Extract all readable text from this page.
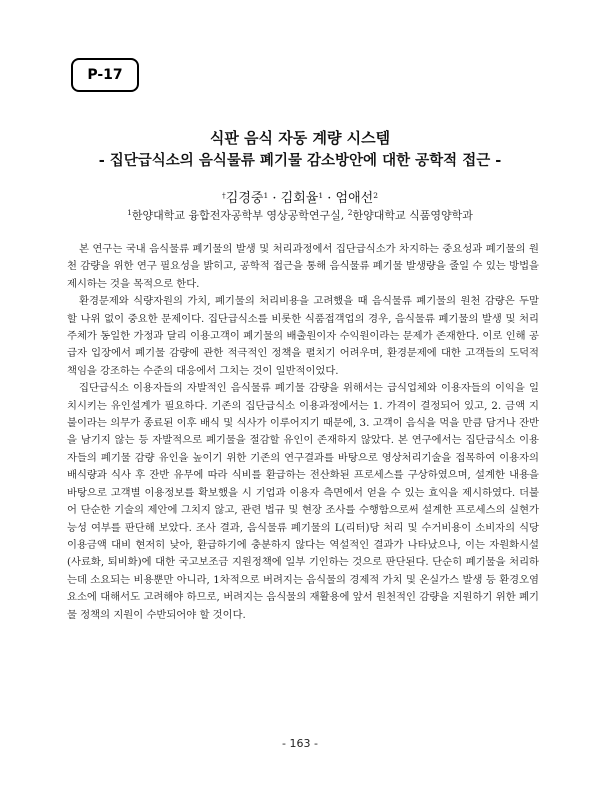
P-17
식판 음식 자동 계량 시스템
- 집단급식소의 음식물류 폐기물 감소방안에 대한 공학적 접근 -
†김경중$^1$ · 김회율$^1$ · 엄애선$^2$
$^1$한양대학교 융합전자공학부 영상공학연구실, $^2$한양대학교 식품영양학과

본 연구는 국내 음식물류 폐기물의 발생 및 처리과정에서 집단급식소가 차지하는 중요성과 폐기물의 원천 감량을 위한 연구 필요성을 밝히고, 공학적 접근을 통해 음식물류 폐기물 발생량을 줄일 수 있는 방법을 제시하는 것을 목적으로 한다.

환경문제와 식량자원의 가치, 폐기물의 처리비용을 고려했을 때 음식물류 폐기물의 원천 감량은 두말 할 나위 없이 중요한 문제이다. 집단급식소를 비롯한 식품접객업의 경우, 음식물류 폐기물의 발생 및 처리주체가 동일한 가정과 달리 이용고객이 폐기물의 배출원이자 수익원이라는 문제가 존재한다. 이로 인해 공급자 입장에서 폐기물 감량에 관한 적극적인 정책을 펼치기 어려우며, 환경문제에 대한 고객들의 도덕적 책임을 강조하는 수준의 대응에서 그치는 것이 일반적이었다.

집단급식소 이용자들의 자발적인 음식물류 폐기물 감량을 위해서는 급식업체와 이용자들의 이익을 일치시키는 유인설계가 필요하다. 기존의 집단급식소 이용과정에서는 1. 가격이 결정되어 있고, 2. 금액 지불이라는 의무가 종료된 이후 배식 및 식사가 이루어지기 때문에, 3. 고객이 음식을 먹을 만큼 담거나 잔반을 남기지 않는 등 자발적으로 폐기물을 절감할 유인이 존재하지 않았다. 본 연구에서는 집단급식소 이용자들의 폐기물 감량 유인을 높이기 위한 기존의 연구결과를 바탕으로 영상처리기술을 접목하여 이용자의 배식량과 식사 후 잔반 유무에 따라 식비를 환급하는 전산화된 프로세스를 구상하였으며, 설계한 내용을 바탕으로 고객별 이용정보를 확보했을 시 기업과 이용자 측면에서 얻을 수 있는 효익을 제시하였다. 더불어 단순한 기술의 제안에 그치지 않고, 관련 법규 및 현장 조사를 수행함으로써 설계한 프로세스의 실현가능성 여부를 판단해 보았다. 조사 결과, 음식물류 폐기물의 L(리터)당 처리 및 수거비용이 소비자의 식당 이용금액 대비 현저히 낮아, 환급하기에 충분하지 않다는 역설적인 결과가 나타났으나, 이는 자원화시설(사료화, 퇴비화)에 대한 국고보조금 지원정책에 일부 기인하는 것으로 판단된다. 단순히 폐기물을 처리하는데 소요되는 비용뿐만 아니라, 1차적으로 버려지는 음식물의 경제적 가치 및 온실가스 발생 등 환경오염요소에 대해서도 고려해야 하므로, 버려지는 음식물의 재활용에 앞서 원천적인 감량을 지원하기 위한 폐기물 정책의 지원이 수반되어야 할 것이다.

- 163 -
